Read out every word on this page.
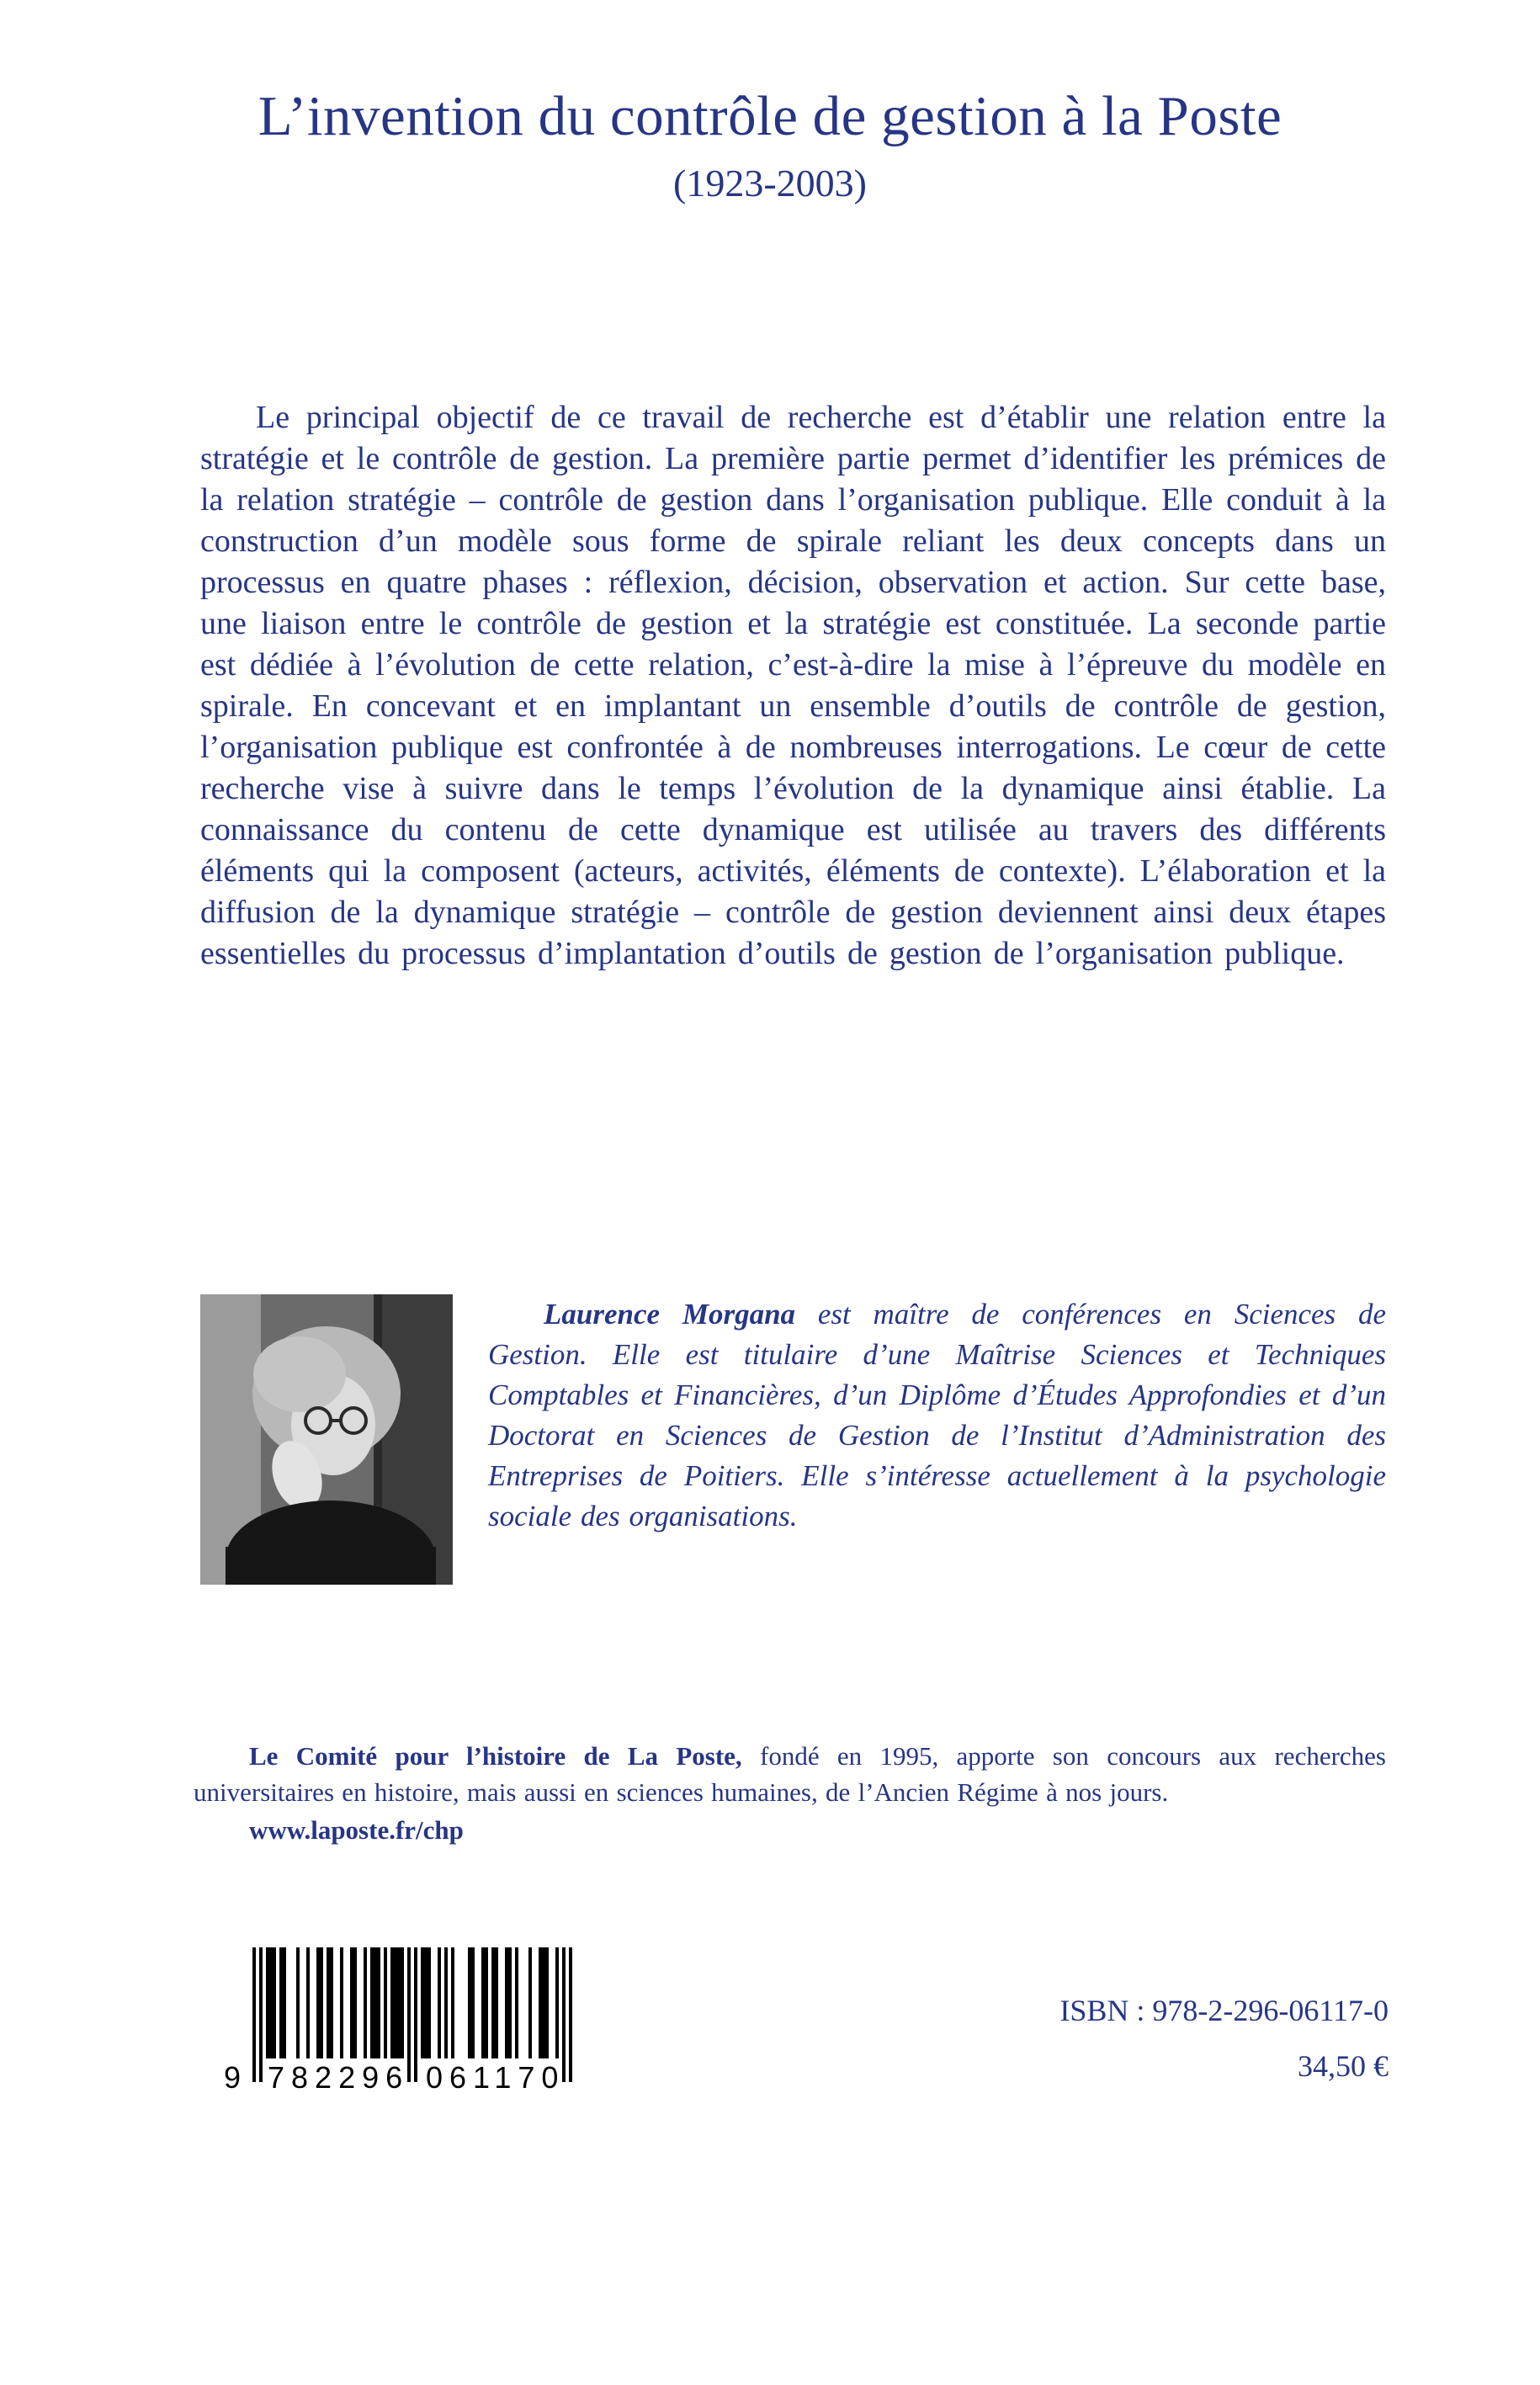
L’invention du contrôle de gestion à la Poste
(1923-2003)

Le principal objectif de ce travail de recherche est d’établir une relation entre la stratégie et le contrôle de gestion. La première partie permet d’identifier les prémices de la relation stratégie – contrôle de gestion dans l’organisation publique. Elle conduit à la construction d’un modèle sous forme de spirale reliant les deux concepts dans un processus en quatre phases : réflexion, décision, observation et action. Sur cette base, une liaison entre le contrôle de gestion et la stratégie est constituée. La seconde partie est dédiée à l’évolution de cette relation, c’est-à-dire la mise à l’épreuve du modèle en spirale. En concevant et en implantant un ensemble d’outils de contrôle de gestion, l’organisation publique est confrontée à de nombreuses interrogations. Le cœur de cette recherche vise à suivre dans le temps l’évolution de la dynamique ainsi établie. La connaissance du contenu de cette dynamique est utilisée au travers des différents éléments qui la composent (acteurs, activités, éléments de contexte). L’élaboration et la diffusion de la dynamique stratégie – contrôle de gestion deviennent ainsi deux étapes essentielles du processus d’implantation d’outils de gestion de l’organisation publique.

Laurence Morgana est maître de conférences en Sciences de Gestion. Elle est titulaire d’une Maîtrise Sciences et Techniques Comptables et Financières, d’un Diplôme d’Études Approfondies et d’un Doctorat en Sciences de Gestion de l’Institut d’Administration des Entreprises de Poitiers. Elle s’intéresse actuellement à la psychologie sociale des organisations.

Le Comité pour l’histoire de La Poste, fondé en 1995, apporte son concours aux recherches universitaires en histoire, mais aussi en sciences humaines, de l’Ancien Régime à nos jours.

www.laposte.fr/chp

9 782296 061170
ISBN : 978-2-296-06117-0
34,50 €
